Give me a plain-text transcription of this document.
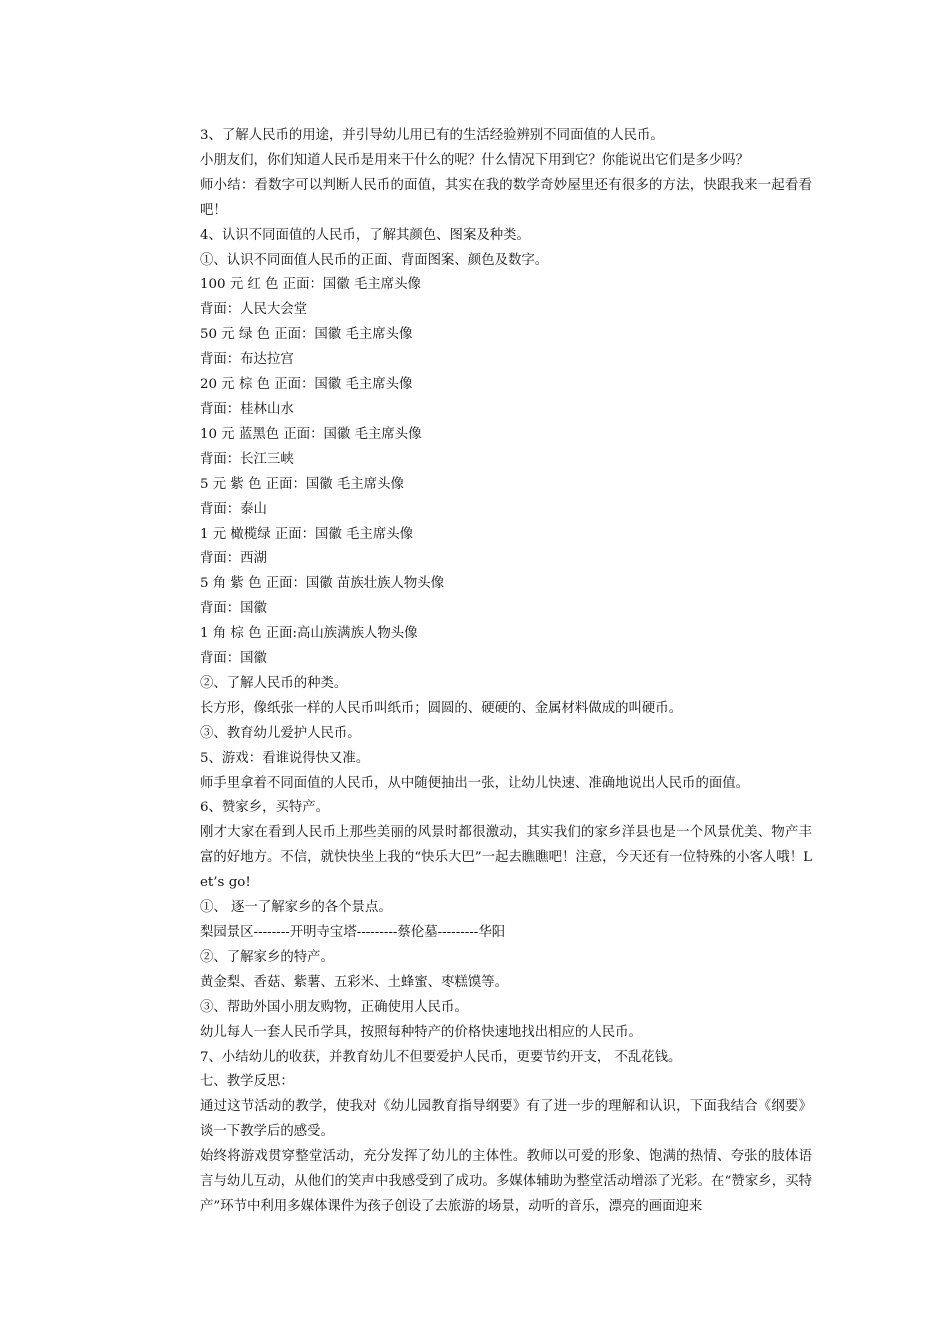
3、了解人民币的用途，并引导幼儿用已有的生活经验辨别不同面值的人民币。

小朋友们，你们知道人民币是用来干什么的呢？什么情况下用到它？你能说出它们是多少吗？

师小结：看数字可以判断人民币的面值，其实在我的数学奇妙屋里还有很多的方法，快跟我来一起看看吧！

4、认识不同面值的人民币，了解其颜色、图案及种类。

①、认识不同面值人民币的正面、背面图案、颜色及数字。

100 元 红 色 正面：国徽 毛主席头像

背面：人民大会堂

50 元 绿 色 正面：国徽 毛主席头像

背面：布达拉宫

20 元 棕 色 正面：国徽 毛主席头像

背面：桂林山水

10 元 蓝黑色 正面：国徽 毛主席头像

背面：长江三峡

5 元 紫 色 正面：国徽 毛主席头像

背面：泰山

1 元 橄榄绿 正面：国徽 毛主席头像

背面：西湖

5 角 紫 色 正面：国徽 苗族壮族人物头像

背面：国徽

1 角 棕 色 正面:高山族满族人物头像

背面：国徽

②、了解人民币的种类。

长方形，像纸张一样的人民币叫纸币；圆圆的、硬硬的、金属材料做成的叫硬币。

③、教育幼儿爱护人民币。

5、游戏：看谁说得快又准。

师手里拿着不同面值的人民币，从中随便抽出一张，让幼儿快速、准确地说出人民币的面值。

6、赞家乡，买特产。

刚才大家在看到人民币上那些美丽的风景时都很激动，其实我们的家乡洋县也是一个风景优美、物产丰富的好地方。不信，就快快坐上我的“快乐大巴”一起去瞧瞧吧！注意，今天还有一位特殊的小客人哦！Let’s go!

①、 逐一了解家乡的各个景点。

梨园景区--------开明寺宝塔---------蔡伦墓---------华阳

②、了解家乡的特产。

黄金梨、香菇、紫薯、五彩米、土蜂蜜、枣糕馍等。

③、帮助外国小朋友购物，正确使用人民币。

幼儿每人一套人民币学具，按照每种特产的价格快速地找出相应的人民币。

7、小结幼儿的收获，并教育幼儿不但要爱护人民币，更要节约开支， 不乱花钱。

七、教学反思：

通过这节活动的教学，使我对《幼儿园教育指导纲要》有了进一步的理解和认识，下面我结合《纲要》谈一下教学后的感受。

始终将游戏贯穿整堂活动，充分发挥了幼儿的主体性。教师以可爱的形象、饱满的热情、夸张的肢体语言与幼儿互动，从他们的笑声中我感受到了成功。多媒体辅助为整堂活动增添了光彩。在“赞家乡，买特产”环节中利用多媒体课件为孩子创设了去旅游的场景，动听的音乐，漂亮的画面迎来
